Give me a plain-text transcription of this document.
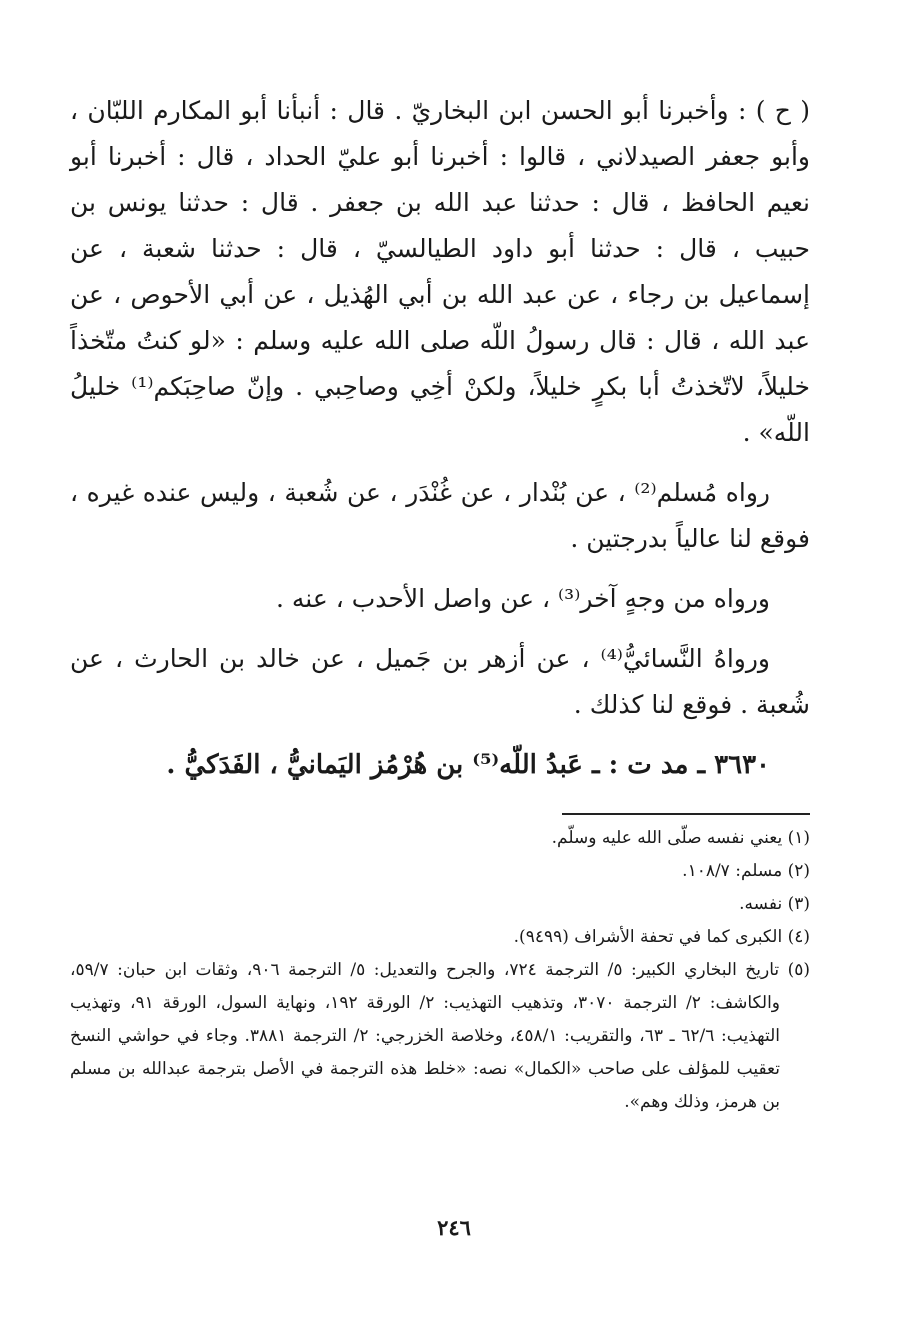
( ح ) : وأخبرنا أبو الحسن ابن البخاريّ . قال : أنبأنا أبو المكارم اللبّان ، وأبو جعفر الصيدلاني ، قالوا : أخبرنا أبو عليّ الحداد ، قال : أخبرنا أبو نعيم الحافظ ، قال : حدثنا عبد الله بن جعفر . قال : حدثنا يونس بن حبيب ، قال : حدثنا أبو داود الطيالسيّ ، قال : حدثنا شعبة ، عن إسماعيل بن رجاء ، عن عبد الله بن أبي الهُذيل ، عن أبي الأحوص ، عن عبد الله ، قال : قال رسولُ اللّه صلى الله عليه وسلم : «لو كنتُ متّخذاً خليلاً، لاتّخذتُ أبا بكرٍ خليلاً، ولكنْ أخِي وصاحِبي . وإنّ صاحِبَكم⁽¹⁾ خليلُ اللّه» .

رواه مُسلم⁽²⁾ ، عن بُنْدار ، عن غُنْدَر ، عن شُعبة ، وليس عنده غيره ، فوقع لنا عالياً بدرجتين .

ورواه من وجهٍ آخر⁽³⁾ ، عن واصل الأحدب ، عنه .

ورواهُ النَّسائيُّ⁽⁴⁾ ، عن أزهر بن جَميل ، عن خالد بن الحارث ، عن شُعبة . فوقع لنا كذلك .

٣٦٣٠ ـ مد ت : ـ عَبدُ اللّه⁽⁵⁾ بن هُرْمُز اليَمانيُّ ، الفَدَكيُّ .

(١) يعني نفسه صلّى الله عليه وسلّم.

(٢) مسلم: ١٠٨/٧.

(٣) نفسه.

(٤) الكبرى كما في تحفة الأشراف (٩٤٩٩).

(٥) تاريخ البخاري الكبير: ٥/ الترجمة ٧٢٤، والجرح والتعديل: ٥/ الترجمة ٩٠٦، وثقات ابن حبان: ٥٩/٧، والكاشف: ٢/ الترجمة ٣٠٧٠، وتذهيب التهذيب: ٢/ الورقة ١٩٢، ونهاية السول، الورقة ٩١، وتهذيب التهذيب: ٦٢/٦ ـ ٦٣، والتقريب: ٤٥٨/١، وخلاصة الخزرجي: ٢/ الترجمة ٣٨٨١. وجاء في حواشي النسخ تعقيب للمؤلف على صاحب «الكمال» نصه: «خلط هذه الترجمة في الأصل بترجمة عبدالله بن مسلم بن هرمز، وذلك وهم».

٢٤٦
